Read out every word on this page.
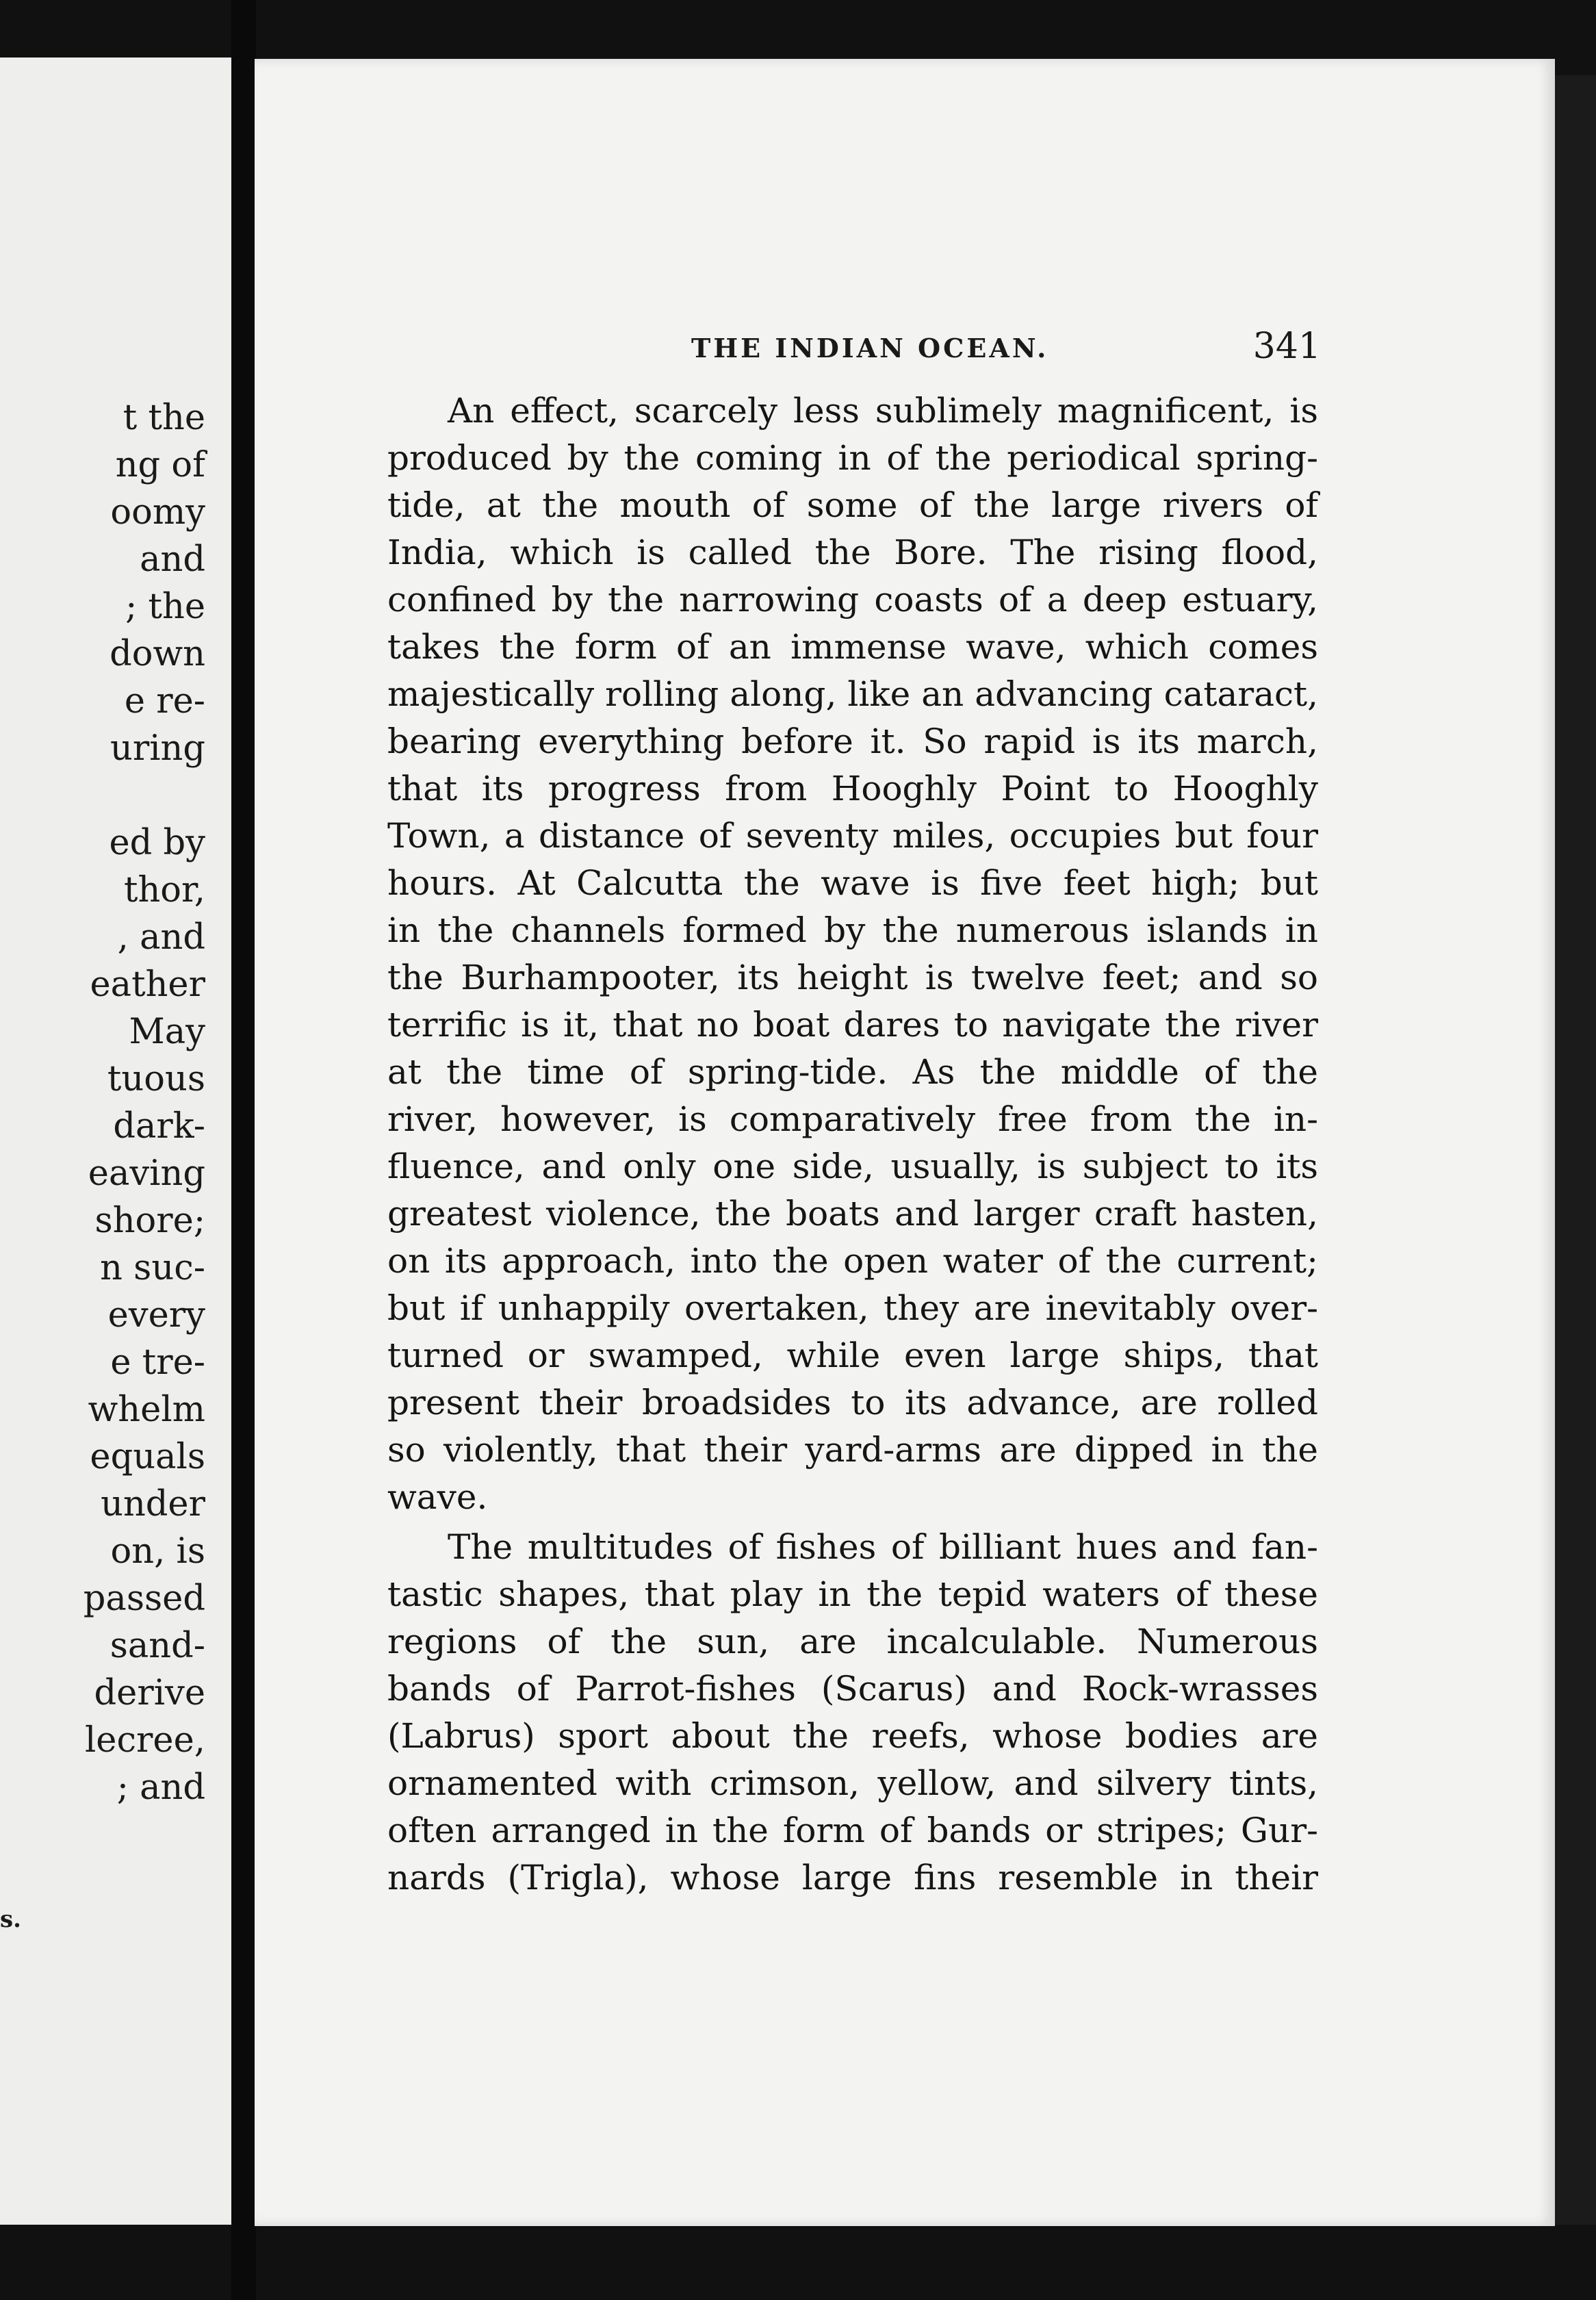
t the
ng of
oomy
and
; the
down
e re-
uring
ed by
thor,
, and
eather
May
tuous
dark-
eaving
shore;
n suc-
every
e tre-
whelm
equals
under
on, is
passed
sand-
derive
lecree,
; and
s.
THE INDIAN OCEAN.	341
An effect, scarcely less sublimely magnificent, is
produced by the coming in of the periodical spring-
tide, at the mouth of some of the large rivers of
India, which is called the Bore. The rising flood,
confined by the narrowing coasts of a deep estuary,
takes the form of an immense wave, which comes
majestically rolling along, like an advancing cataract,
bearing everything before it. So rapid is its march,
that its progress from Hooghly Point to Hooghly
Town, a distance of seventy miles, occupies but four
hours. At Calcutta the wave is five feet high; but
in the channels formed by the numerous islands in
the Burhampooter, its height is twelve feet; and so
terrific is it, that no boat dares to navigate the river
at the time of spring-tide. As the middle of the
river, however, is comparatively free from the in-
fluence, and only one side, usually, is subject to its
greatest violence, the boats and larger craft hasten,
on its approach, into the open water of the current;
but if unhappily overtaken, they are inevitably over-
turned or swamped, while even large ships, that
present their broadsides to its advance, are rolled
so violently, that their yard-arms are dipped in the
wave.
The multitudes of fishes of billiant hues and fan-
tastic shapes, that play in the tepid waters of these
regions of the sun, are incalculable. Numerous
bands of Parrot-fishes (Scarus) and Rock-wrasses
(Labrus) sport about the reefs, whose bodies are
ornamented with crimson, yellow, and silvery tints,
often arranged in the form of bands or stripes; Gur-
nards (Trigla), whose large fins resemble in their
